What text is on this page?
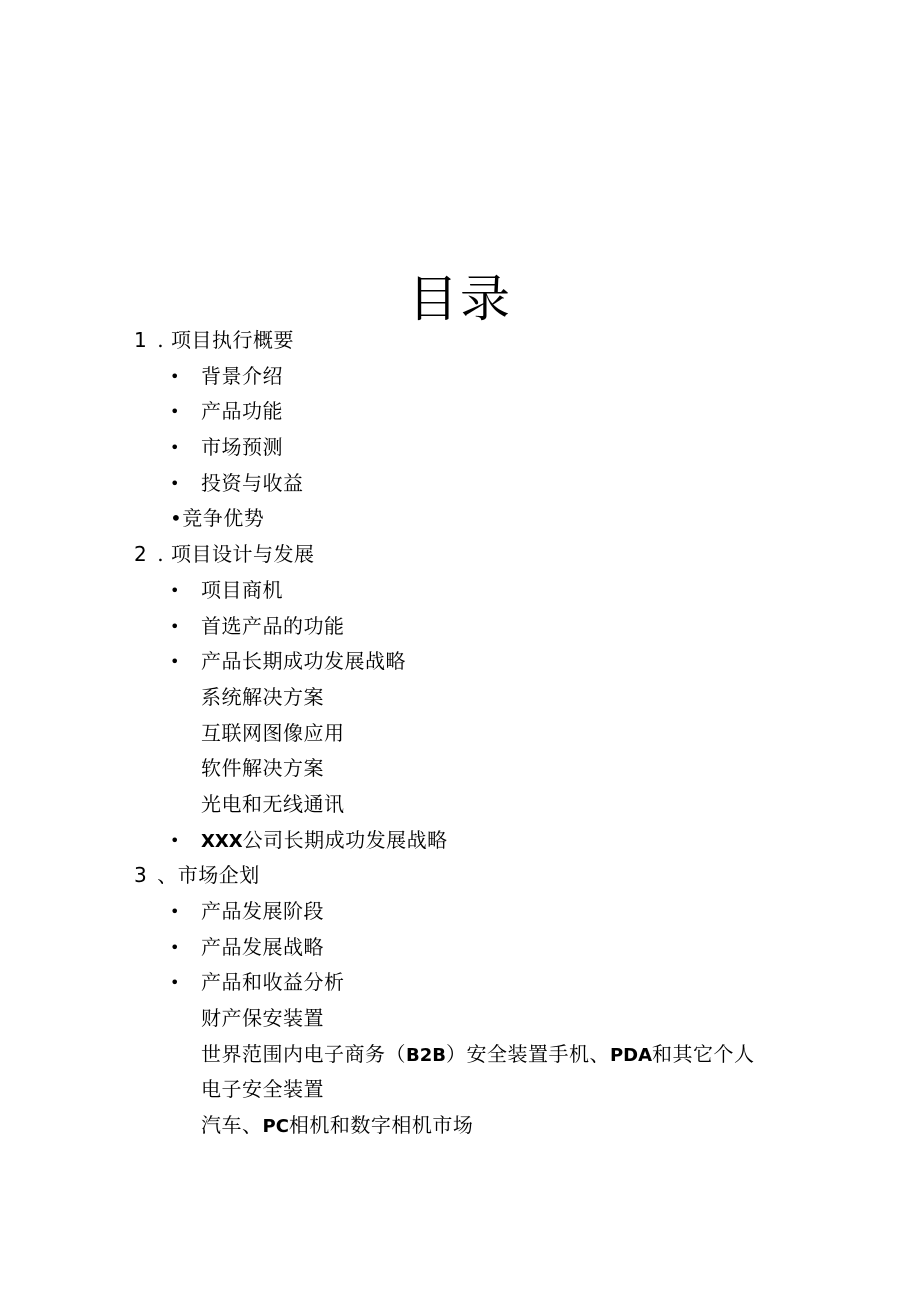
目录
1 . 项目执行概要
• 背景介绍
• 产品功能
• 市场预测
• 投资与收益
•竞争优势
2 . 项目设计与发展
• 项目商机
• 首选产品的功能
• 产品长期成功发展战略
系统解决方案
互联网图像应用
软件解决方案
光电和无线通讯
• XXX公司长期成功发展战略
3 、市场企划
• 产品发展阶段
• 产品发展战略
• 产品和收益分析
财产保安装置
世界范围内电子商务（B2B）安全装置手机、PDA和其它个人
电子安全装置
汽车、PC相机和数字相机市场
